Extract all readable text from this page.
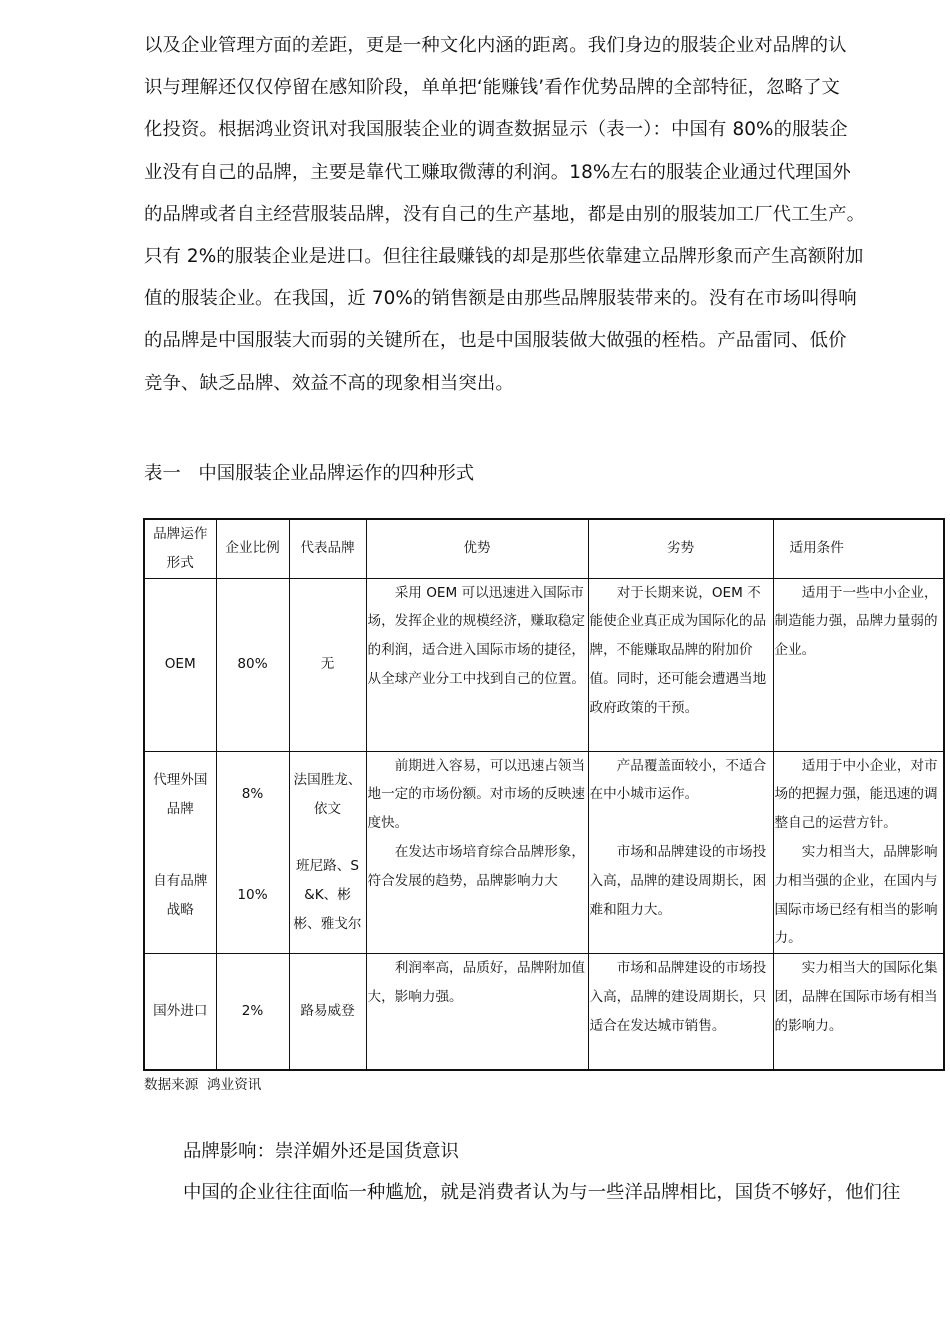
以及企业管理方面的差距，更是一种文化内涵的距离。我们身边的服装企业对品牌的认
识与理解还仅仅停留在感知阶段，单单把‘能赚钱’看作优势品牌的全部特征，忽略了文
化投资。根据鸿业资讯对我国服装企业的调查数据显示（表一）：中国有 80%的服装企
业没有自己的品牌，主要是靠代工赚取微薄的利润。18%左右的服装企业通过代理国外
的品牌或者自主经营服装品牌，没有自己的生产基地，都是由别的服装加工厂代工生产。
只有 2%的服装企业是进口。但往往最赚钱的却是那些依靠建立品牌形象而产生高额附加
值的服装企业。在我国，近 70%的销售额是由那些品牌服装带来的。没有在市场叫得响
的品牌是中国服装大而弱的关键所在，也是中国服装做大做强的桎梏。产品雷同、低价
竞争、缺乏品牌、效益不高的现象相当突出。

表一   中国服装企业品牌运作的四种形式

品牌运作形式	企业比例	代表品牌	优势	劣势	适用条件
OEM	80%	无	采用 OEM 可以迅速进入国际市场，发挥企业的规模经济，赚取稳定的利润，适合进入国际市场的捷径，从全球产业分工中找到自己的位置。	对于长期来说，OEM 不能使企业真正成为国际化的品牌，不能赚取品牌的附加价值。同时，还可能会遭遇当地政府政策的干预。	适用于一些中小企业，制造能力强，品牌力量弱的企业。
代理外国品牌	8%	法国胜龙、依文	前期进入容易，可以迅速占领当地一定的市场份额。对市场的反映速度快。	产品覆盖面较小，不适合在中小城市运作。	适用于中小企业，对市场的把握力强，能迅速的调整自己的运营方针。
自有品牌战略	10%	班尼路、S&K、彬彬、雅戈尔	在发达市场培育综合品牌形象，符合发展的趋势，品牌影响力大	市场和品牌建设的市场投入高，品牌的建设周期长，困难和阻力大。	实力相当大，品牌影响力相当强的企业，在国内与国际市场已经有相当的影响力。
国外进口	2%	路易威登	利润率高，品质好，品牌附加值大，影响力强。	市场和品牌建设的市场投入高，品牌的建设周期长，只适合在发达城市销售。	实力相当大的国际化集团，品牌在国际市场有相当的影响力。
数据来源  鸿业资讯

品牌影响：崇洋媚外还是国货意识

中国的企业往往面临一种尴尬，就是消费者认为与一些洋品牌相比，国货不够好，他们往
